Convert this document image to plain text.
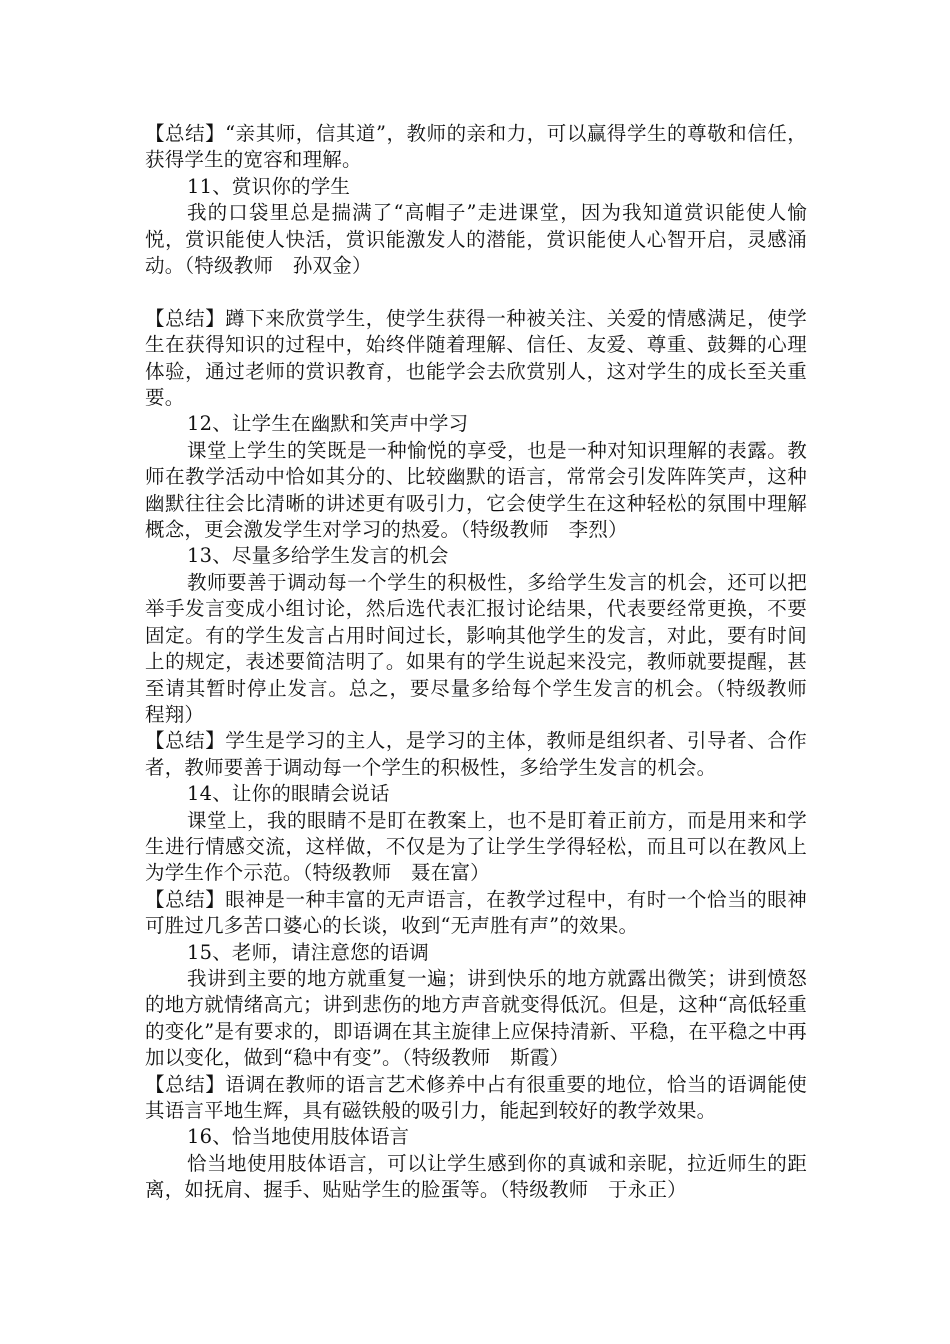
【总结】“亲其师，信其道”，教师的亲和力，可以赢得学生的尊敬和信任，获得学生的宽容和理解。

11、赏识你的学生

我的口袋里总是揣满了“高帽子”走进课堂，因为我知道赏识能使人愉悦，赏识能使人快活，赏识能激发人的潜能，赏识能使人心智开启，灵感涌动。（特级教师　孙双金）

【总结】蹲下来欣赏学生，使学生获得一种被关注、关爱的情感满足，使学生在获得知识的过程中，始终伴随着理解、信任、友爱、尊重、鼓舞的心理体验，通过老师的赏识教育，也能学会去欣赏别人，这对学生的成长至关重要。

12、让学生在幽默和笑声中学习

课堂上学生的笑既是一种愉悦的享受，也是一种对知识理解的表露。教师在教学活动中恰如其分的、比较幽默的语言，常常会引发阵阵笑声，这种幽默往往会比清晰的讲述更有吸引力，它会使学生在这种轻松的氛围中理解概念，更会激发学生对学习的热爱。（特级教师　李烈）

13、尽量多给学生发言的机会

教师要善于调动每一个学生的积极性，多给学生发言的机会，还可以把举手发言变成小组讨论，然后选代表汇报讨论结果，代表要经常更换，不要固定。有的学生发言占用时间过长，影响其他学生的发言，对此，要有时间上的规定，表述要简洁明了。如果有的学生说起来没完，教师就要提醒，甚至请其暂时停止发言。总之，要尽量多给每个学生发言的机会。（特级教师　程翔）

【总结】学生是学习的主人，是学习的主体，教师是组织者、引导者、合作者，教师要善于调动每一个学生的积极性，多给学生发言的机会。

14、让你的眼睛会说话

课堂上，我的眼睛不是盯在教案上，也不是盯着正前方，而是用来和学生进行情感交流，这样做，不仅是为了让学生学得轻松，而且可以在教风上为学生作个示范。（特级教师　聂在富）

【总结】眼神是一种丰富的无声语言，在教学过程中，有时一个恰当的眼神可胜过几多苦口婆心的长谈，收到“无声胜有声”的效果。

15、老师，请注意您的语调

我讲到主要的地方就重复一遍；讲到快乐的地方就露出微笑；讲到愤怒的地方就情绪高亢；讲到悲伤的地方声音就变得低沉。但是，这种“高低轻重的变化”是有要求的，即语调在其主旋律上应保持清新、平稳，在平稳之中再加以变化，做到“稳中有变”。（特级教师　斯霞）

【总结】语调在教师的语言艺术修养中占有很重要的地位，恰当的语调能使其语言平地生辉，具有磁铁般的吸引力，能起到较好的教学效果。

16、恰当地使用肢体语言

恰当地使用肢体语言，可以让学生感到你的真诚和亲昵，拉近师生的距离，如抚肩、握手、贴贴学生的脸蛋等。（特级教师　于永正）
